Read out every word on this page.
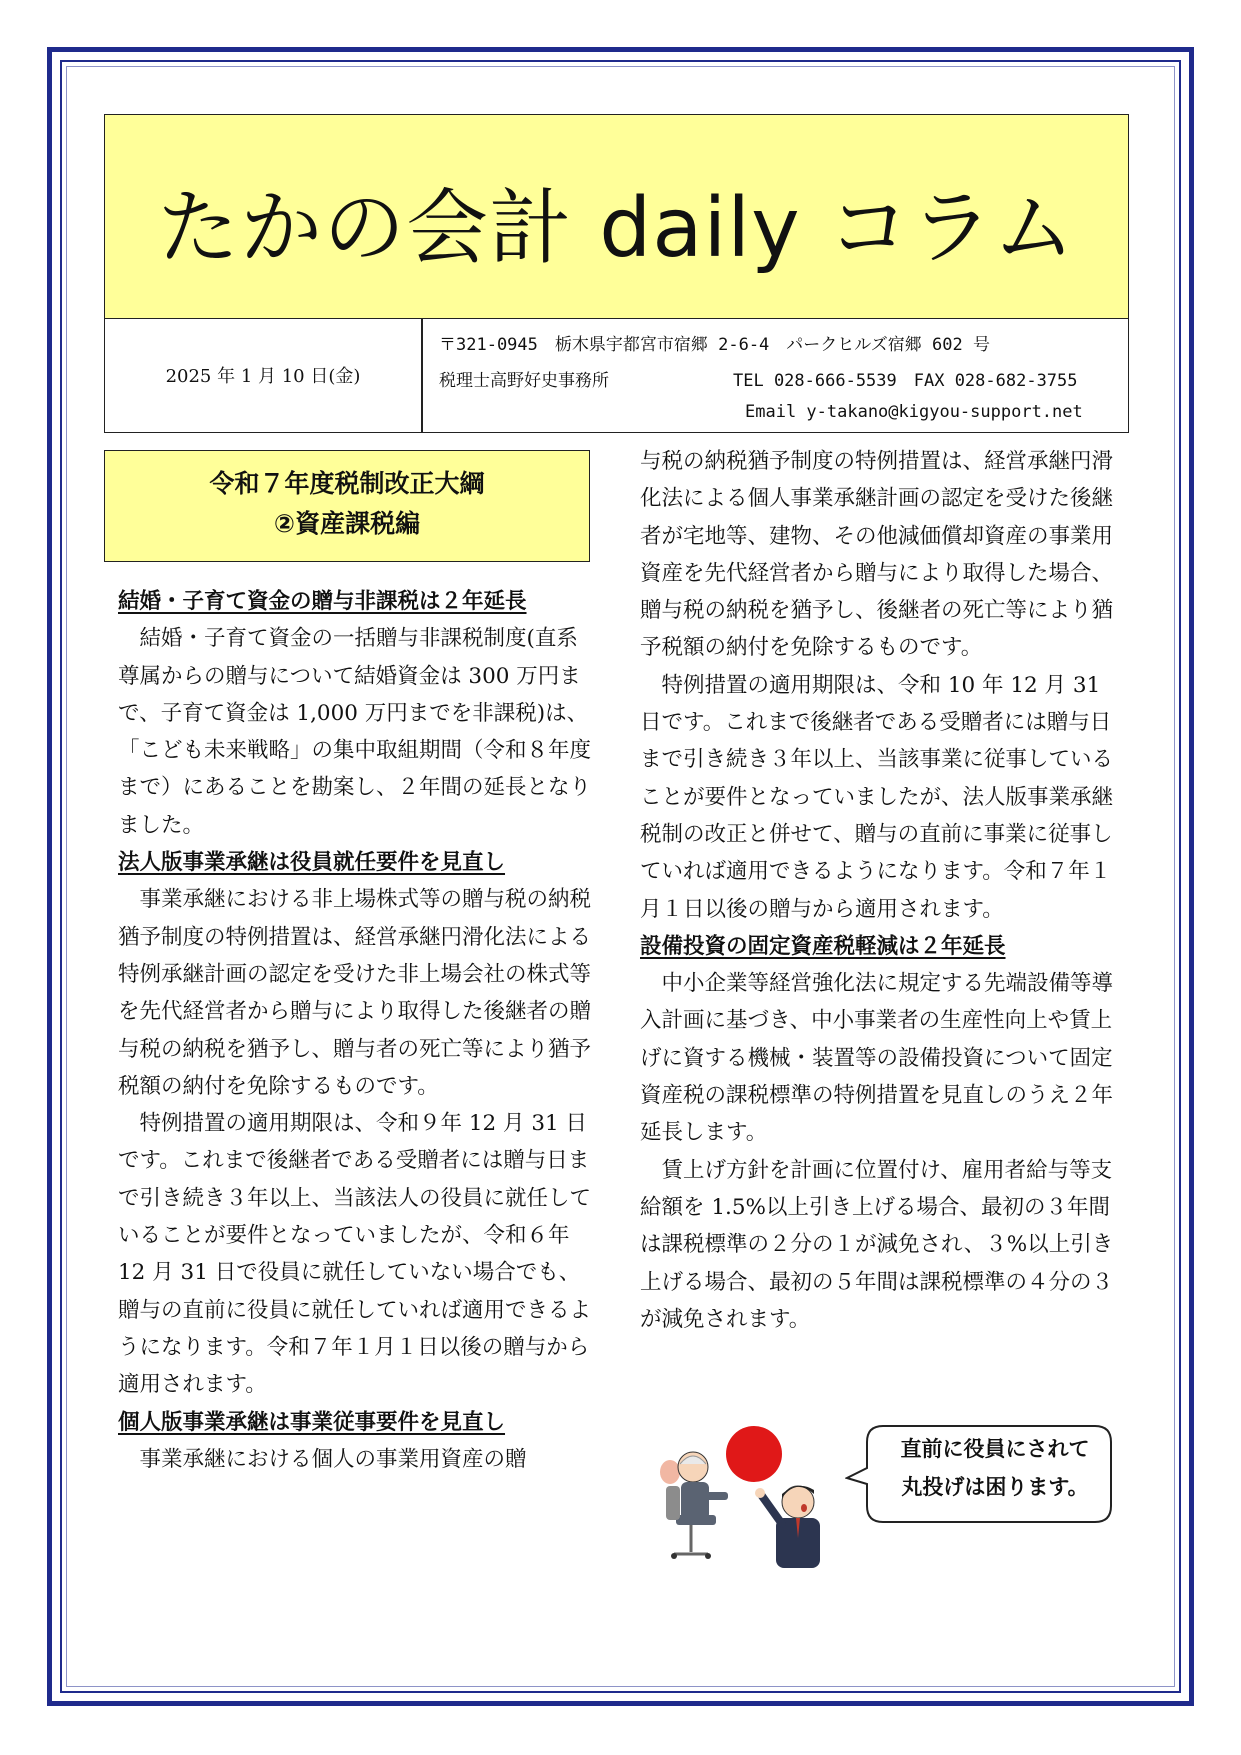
たかの会計 daily コラム
2025 年 1 月 10 日(金)
〒321-0945　栃木県宇都宮市宿郷 2-6-4　パークヒルズ宿郷 602 号
税理士高野好史事務所	TEL 028-666-5539　FAX 028-682-3755
Email y-takano@kigyou-support.net
令和７年度税制改正大綱
②資産課税編
結婚・子育て資金の贈与非課税は２年延長

結婚・子育て資金の一括贈与非課税制度(直系尊属からの贈与について結婚資金は 300 万円まで、子育て資金は 1,000 万円までを非課税)は、「こども未来戦略」の集中取組期間（令和８年度まで）にあることを勘案し、２年間の延長となりました。

法人版事業承継は役員就任要件を見直し

事業承継における非上場株式等の贈与税の納税猶予制度の特例措置は、経営承継円滑化法による特例承継計画の認定を受けた非上場会社の株式等を先代経営者から贈与により取得した後継者の贈与税の納税を猶予し、贈与者の死亡等により猶予税額の納付を免除するものです。

特例措置の適用期限は、令和９年 12 月 31 日です。これまで後継者である受贈者には贈与日まで引き続き３年以上、当該法人の役員に就任していることが要件となっていましたが、令和６年 12 月 31 日で役員に就任していない場合でも、贈与の直前に役員に就任していれば適用できるようになります。令和７年１月１日以後の贈与から適用されます。

個人版事業承継は事業従事要件を見直し

事業承継における個人の事業用資産の贈

与税の納税猶予制度の特例措置は、経営承継円滑化法による個人事業承継計画の認定を受けた後継者が宅地等、建物、その他減価償却資産の事業用資産を先代経営者から贈与により取得した場合、贈与税の納税を猶予し、後継者の死亡等により猶予税額の納付を免除するものです。

特例措置の適用期限は、令和 10 年 12 月 31 日です。これまで後継者である受贈者には贈与日まで引き続き３年以上、当該事業に従事していることが要件となっていましたが、法人版事業承継税制の改正と併せて、贈与の直前に事業に従事していれば適用できるようになります。令和７年１月１日以後の贈与から適用されます。

設備投資の固定資産税軽減は２年延長

中小企業等経営強化法に規定する先端設備等導入計画に基づき、中小事業者の生産性向上や賃上げに資する機械・装置等の設備投資について固定資産税の課税標準の特例措置を見直しのうえ２年延長します。

賃上げ方針を計画に位置付け、雇用者給与等支給額を 1.5%以上引き上げる場合、最初の３年間は課税標準の２分の１が減免され、３%以上引き上げる場合、最初の５年間は課税標準の４分の３が減免されます。

直前に役員にされて
丸投げは困ります。
